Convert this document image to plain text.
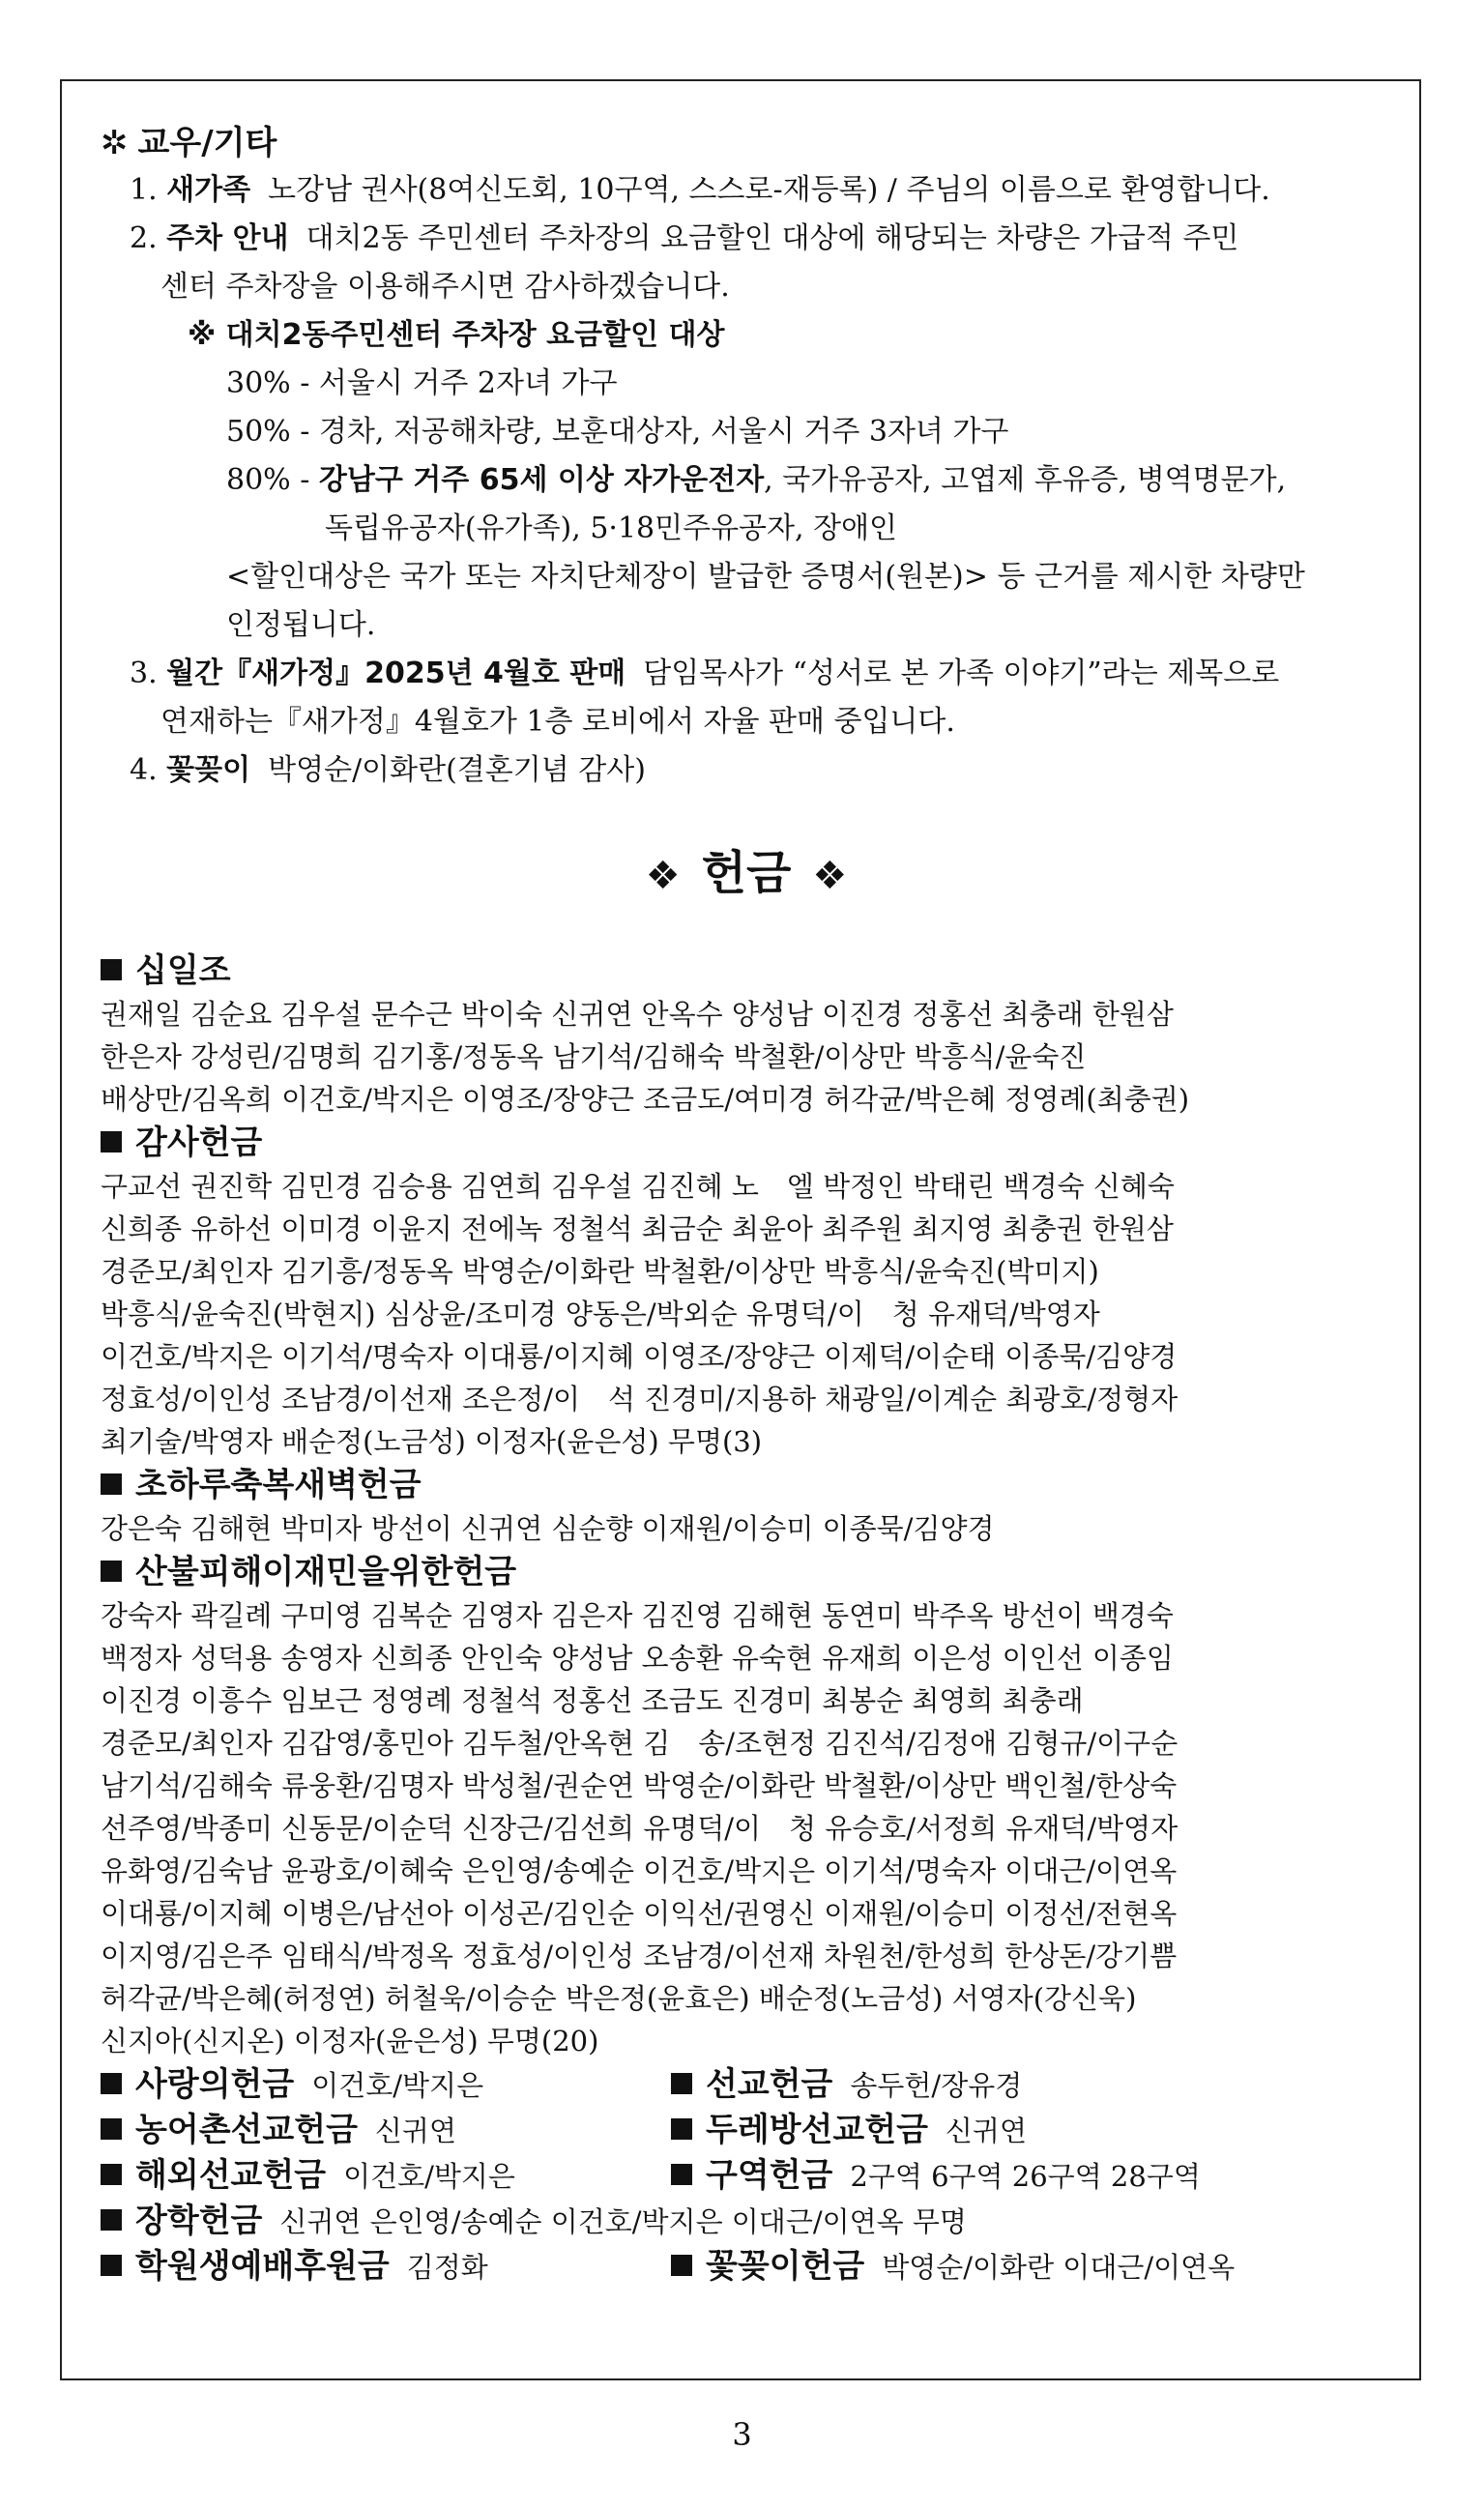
✲ 교우/기타
1. 새가족 노강남 권사(8여신도회, 10구역, 스스로-재등록) / 주님의 이름으로 환영합니다.
2. 주차 안내 대치2동 주민센터 주차장의 요금할인 대상에 해당되는 차량은 가급적 주민
센터 주차장을 이용해주시면 감사하겠습니다.
※ 대치2동주민센터 주차장 요금할인 대상
30% - 서울시 거주 2자녀 가구
50% - 경차, 저공해차량, 보훈대상자, 서울시 거주 3자녀 가구
80% - 강남구 거주 65세 이상 자가운전자, 국가유공자, 고엽제 후유증, 병역명문가,
독립유공자(유가족), 5·18민주유공자, 장애인
<할인대상은 국가 또는 자치단체장이 발급한 증명서(원본)> 등 근거를 제시한 차량만
인정됩니다.
3. 월간『새가정』2025년 4월호 판매 담임목사가 “성서로 본 가족 이야기”라는 제목으로
연재하는『새가정』4월호가 1층 로비에서 자율 판매 중입니다.
4. 꽃꽂이 박영순/이화란(결혼기념 감사)
❖ 헌금 ❖
십일조
권재일 김순요 김우설 문수근 박이숙 신귀연 안옥수 양성남 이진경 정홍선 최충래 한원삼
한은자 강성린/김명희 김기홍/정동옥 남기석/김해숙 박철환/이상만 박흥식/윤숙진
배상만/김옥희 이건호/박지은 이영조/장양근 조금도/여미경 허각균/박은혜 정영례(최충권)
감사헌금
구교선 권진학 김민경 김승용 김연희 김우설 김진혜 노　엘 박정인 박태린 백경숙 신혜숙
신희종 유하선 이미경 이윤지 전에녹 정철석 최금순 최윤아 최주원 최지영 최충권 한원삼
경준모/최인자 김기흥/정동옥 박영순/이화란 박철환/이상만 박흥식/윤숙진(박미지)
박흥식/윤숙진(박현지) 심상윤/조미경 양동은/박외순 유명덕/이　청 유재덕/박영자
이건호/박지은 이기석/명숙자 이대룡/이지혜 이영조/장양근 이제덕/이순태 이종묵/김양경
정효성/이인성 조남경/이선재 조은정/이　석 진경미/지용하 채광일/이계순 최광호/정형자
최기술/박영자 배순정(노금성) 이정자(윤은성) 무명(3)
초하루축복새벽헌금
강은숙 김해현 박미자 방선이 신귀연 심순향 이재원/이승미 이종묵/김양경
산불피해이재민을위한헌금
강숙자 곽길례 구미영 김복순 김영자 김은자 김진영 김해현 동연미 박주옥 방선이 백경숙
백정자 성덕용 송영자 신희종 안인숙 양성남 오송환 유숙현 유재희 이은성 이인선 이종임
이진경 이흥수 임보근 정영례 정철석 정홍선 조금도 진경미 최봉순 최영희 최충래
경준모/최인자 김갑영/홍민아 김두철/안옥현 김　송/조현정 김진석/김정애 김형규/이구순
남기석/김해숙 류웅환/김명자 박성철/권순연 박영순/이화란 박철환/이상만 백인철/한상숙
선주영/박종미 신동문/이순덕 신장근/김선희 유명덕/이　청 유승호/서정희 유재덕/박영자
유화영/김숙남 윤광호/이혜숙 은인영/송예순 이건호/박지은 이기석/명숙자 이대근/이연옥
이대룡/이지혜 이병은/남선아 이성곤/김인순 이익선/권영신 이재원/이승미 이정선/전현옥
이지영/김은주 임태식/박정옥 정효성/이인성 조남경/이선재 차원천/한성희 한상돈/강기쁨
허각균/박은혜(허정연) 허철욱/이승순 박은정(윤효은) 배순정(노금성) 서영자(강신욱)
신지아(신지온) 이정자(윤은성) 무명(20)
사랑의헌금 이건호/박지은	선교헌금 송두헌/장유경
농어촌선교헌금 신귀연	두레방선교헌금 신귀연
해외선교헌금 이건호/박지은	구역헌금 2구역 6구역 26구역 28구역
장학헌금 신귀연 은인영/송예순 이건호/박지은 이대근/이연옥 무명
학원생예배후원금 김정화	꽃꽂이헌금 박영순/이화란 이대근/이연옥
3
